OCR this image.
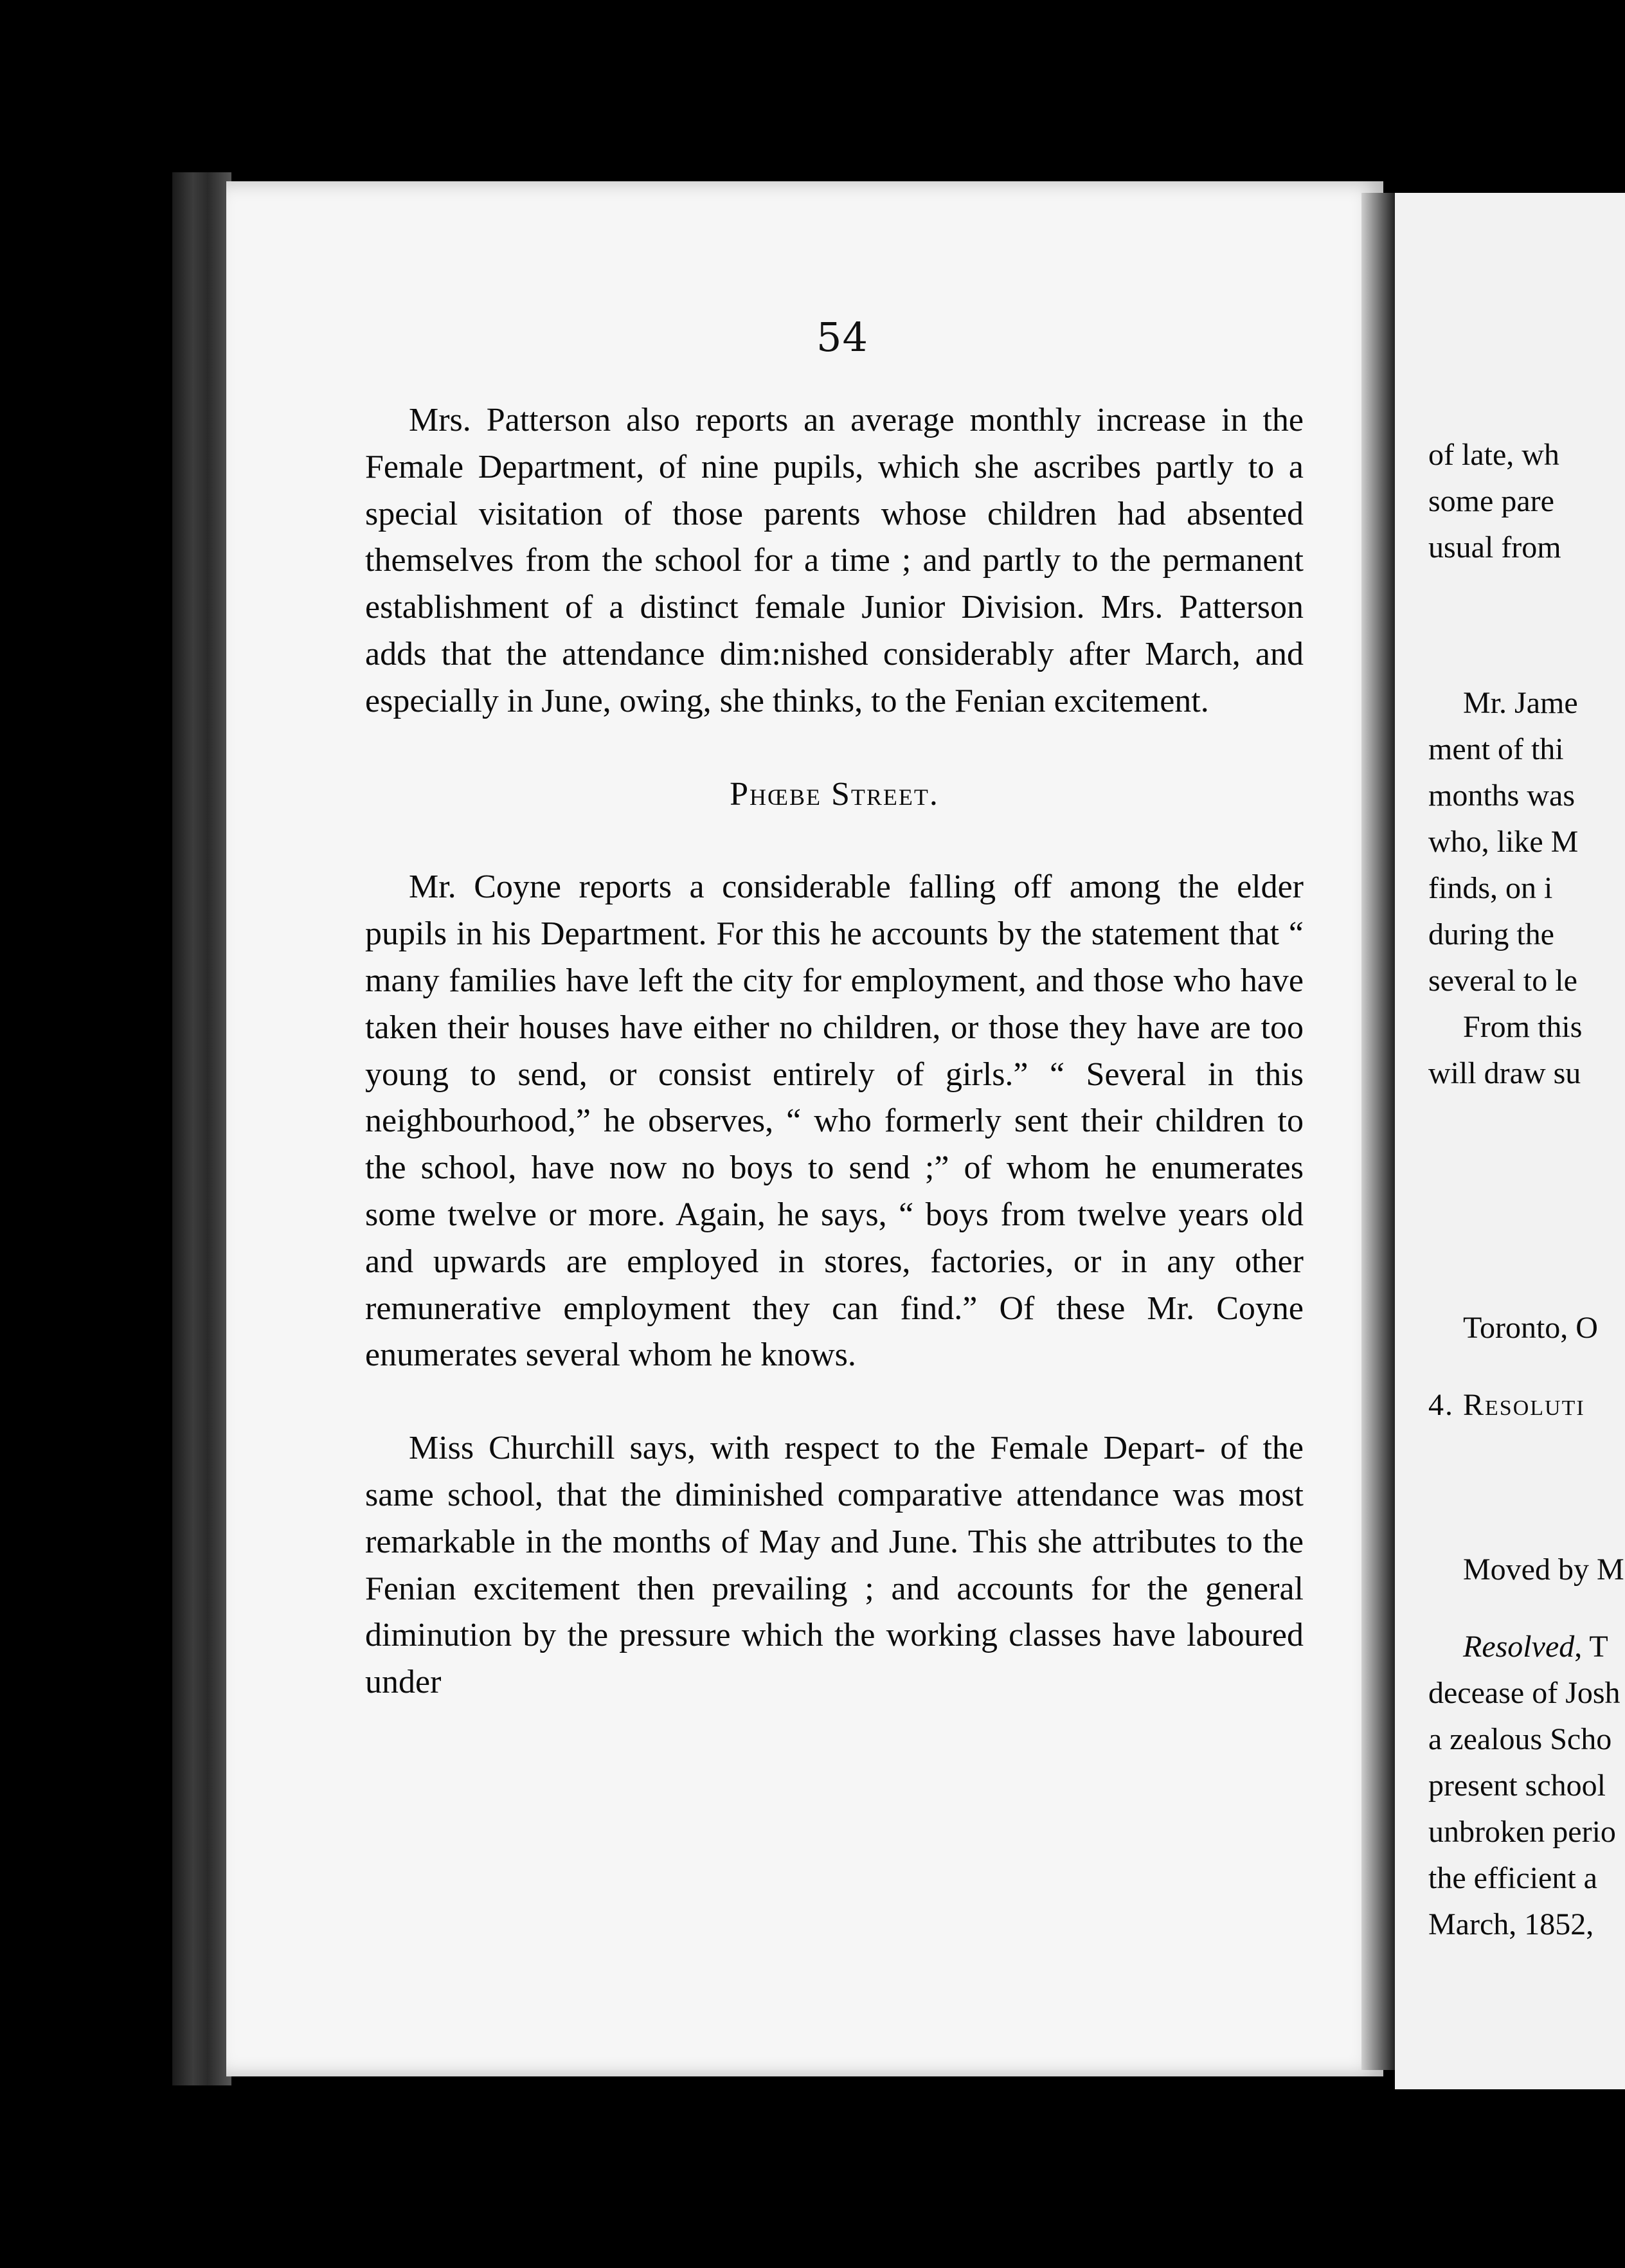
54

Mrs. Patterson also reports an average monthly increase in the Female Department, of nine pupils, which she ascribes partly to a special visitation of those parents whose children had absented themselves from the school for a time ; and partly to the permanent establishment of a distinct female Junior Division. Mrs. Patterson adds that the attendance dim:nished considerably after March, and especially in June, owing, she thinks, to the Fenian excitement.

Phœbe Street.

Mr. Coyne reports a considerable falling off among the elder pupils in his Department. For this he accounts by the statement that “ many families have left the city for employment, and those who have taken their houses have either no children, or those they have are too young to send, or consist entirely of girls.” “ Several in this neighbourhood,” he observes, “ who formerly sent their children to the school, have now no boys to send ;” of whom he enumerates some twelve or more. Again, he says, “ boys from twelve years old and upwards are employed in stores, factories, or in any other remunerative employment they can find.” Of these Mr. Coyne enumerates several whom he knows.

Miss Churchill says, with respect to the Female Depart- of the same school, that the diminished comparative attendance was most remarkable in the months of May and June. This she attributes to the Fenian excitement then prevailing ; and accounts for the general diminution by the pressure which the working classes have laboured under

of late, wh
some pare
usual from
Mr. Jame
ment of thi
months was
who, like M
finds, on i
during the
several to le
From this
will draw su
Toronto, O
4. Resoluti
Moved by M
Resolved, T
decease of Josh
a zealous Scho
present school
unbroken perio
the efficient a
March, 1852,
